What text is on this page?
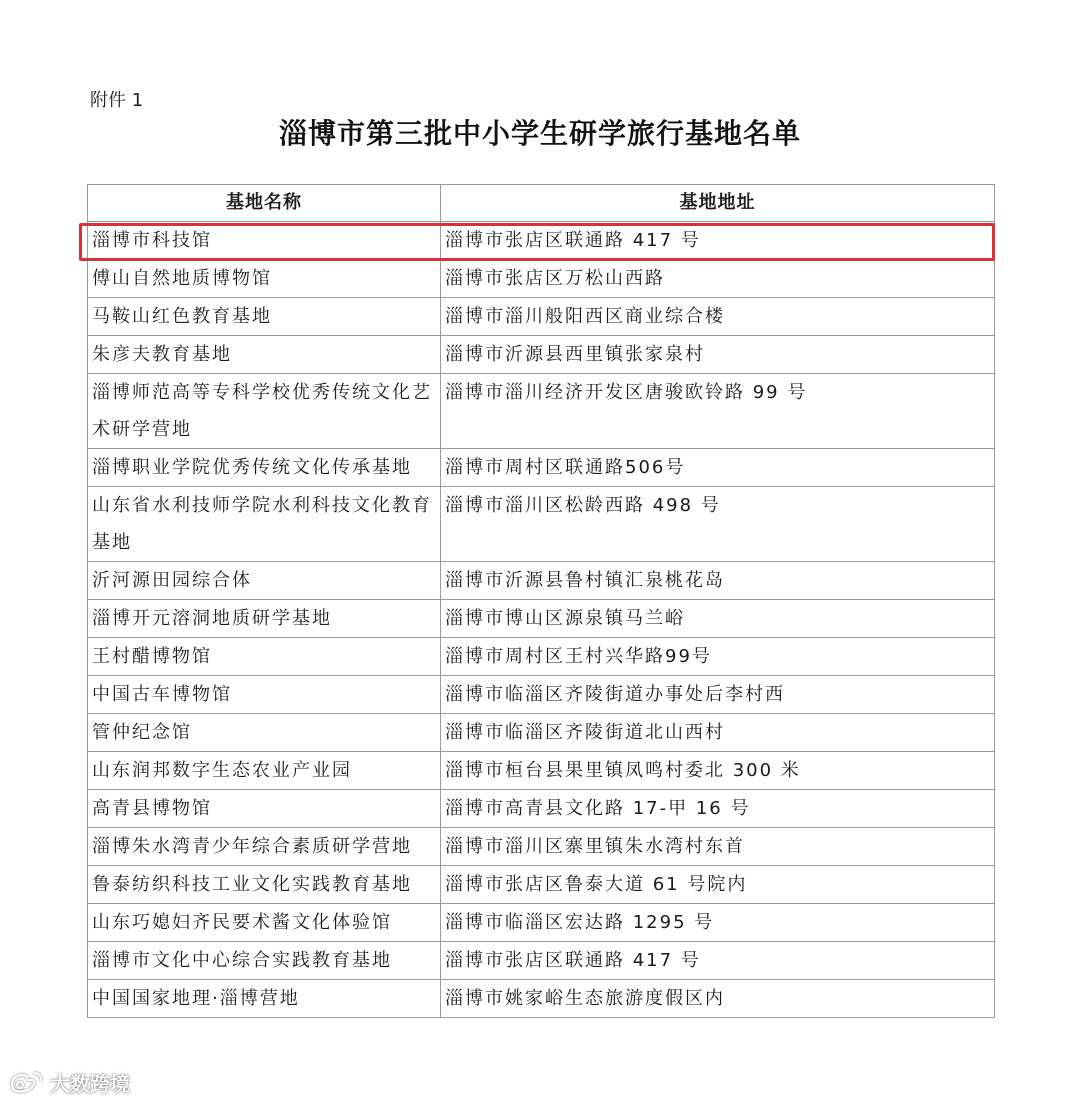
附件 1
淄博市第三批中小学生研学旅行基地名单
基地名称	基地地址
淄博市科技馆	淄博市张店区联通路 417 号
傅山自然地质博物馆	淄博市张店区万松山西路
马鞍山红色教育基地	淄博市淄川般阳西区商业综合楼
朱彦夫教育基地	淄博市沂源县西里镇张家泉村
淄博师范高等专科学校优秀传统文化艺术研学营地	淄博市淄川经济开发区唐骏欧铃路 99 号
淄博职业学院优秀传统文化传承基地	淄博市周村区联通路506号
山东省水利技师学院水利科技文化教育基地	淄博市淄川区松龄西路 498 号
沂河源田园综合体	淄博市沂源县鲁村镇汇泉桃花岛
淄博开元溶洞地质研学基地	淄博市博山区源泉镇马兰峪
王村醋博物馆	淄博市周村区王村兴华路99号
中国古车博物馆	淄博市临淄区齐陵街道办事处后李村西
管仲纪念馆	淄博市临淄区齐陵街道北山西村
山东润邦数字生态农业产业园	淄博市桓台县果里镇凤鸣村委北 300 米
高青县博物馆	淄博市高青县文化路 17-甲 16 号
淄博朱水湾青少年综合素质研学营地	淄博市淄川区寨里镇朱水湾村东首
鲁泰纺织科技工业文化实践教育基地	淄博市张店区鲁泰大道 61 号院内
山东巧媳妇齐民要术酱文化体验馆	淄博市临淄区宏达路 1295 号
淄博市文化中心综合实践教育基地	淄博市张店区联通路 417 号
中国国家地理·淄博营地	淄博市姚家峪生态旅游度假区内
大数跨境
